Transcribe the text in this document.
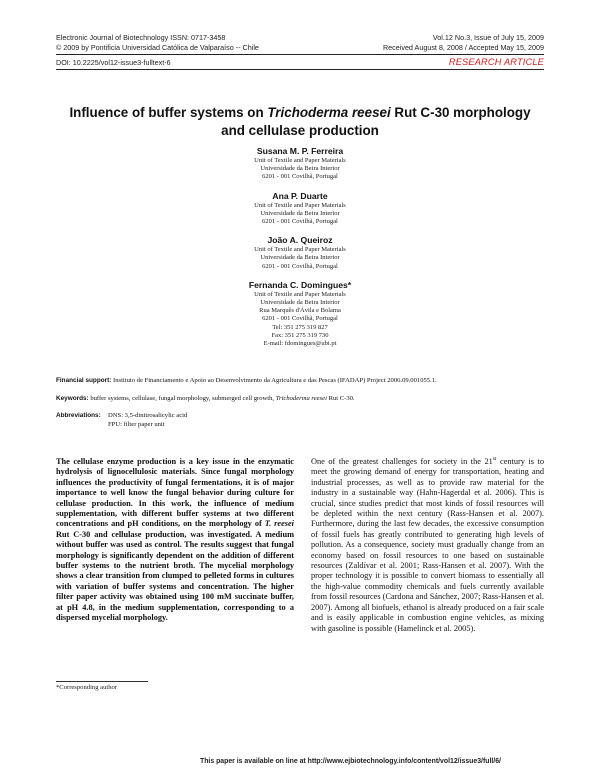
Electronic Journal of Biotechnology ISSN: 0717-3458
© 2009 by Pontificia Universidad Católica de Valparaíso -- Chile
Vol.12 No.3, Issue of July 15, 2009
Received August 8, 2008 / Accepted May 15, 2009
DOI: 10.2225/vol12-issue3-fulltext-6	RESEARCH ARTICLE
Influence of buffer systems on Trichoderma reesei Rut C-30 morphology and cellulase production
Susana M. P. Ferreira
Unit of Textile and Paper Materials
Universidade da Beira Interior
6201 - 001 Covilhã, Portugal
Ana P. Duarte
Unit of Textile and Paper Materials
Universidade da Beira Interior
6201 - 001 Covilhã, Portugal
João A. Queiroz
Unit of Textile and Paper Materials
Universidade da Beira Interior
6201 - 001 Covilhã, Portugal
Fernanda C. Domingues*
Unit of Textile and Paper Materials
Universidade da Beira Interior
Rua Marquês d'Ávila e Bolama
6201 - 001 Covilhã, Portugal
Tel: 351 275 319 827
Fax: 351 275 319 730
E-mail: fdomingues@ubi.pt
Financial support: Instituto de Financiamento e Apoio ao Desenvolvimento da Agricultura e das Pescas (IFADAP) Project 2006.09.001055.1.
Keywords: buffer systems, cellulase, fungal morphology, submerged cell growth, Trichoderma reesei Rut C-30.
Abbreviations: DNS: 3,5-dinitrosalicylic acid
FPU: filter paper unit
The cellulase enzyme production is a key issue in the enzymatic hydrolysis of lignocellulosic materials. Since fungal morphology influences the productivity of fungal fermentations, it is of major importance to well know the fungal behavior during culture for cellulase production. In this work, the influence of medium supplementation, with different buffer systems at two different concentrations and pH conditions, on the morphology of T. reesei Rut C-30 and cellulase production, was investigated. A medium without buffer was used as control. The results suggest that fungal morphology is significantly dependent on the addition of different buffer systems to the nutrient broth. The mycelial morphology shows a clear transition from clumped to pelleted forms in cultures with variation of buffer systems and concentration. The higher filter paper activity was obtained using 100 mM succinate buffer, at pH 4.8, in the medium supplementation, corresponding to a dispersed mycelial morphology.
One of the greatest challenges for society in the 21st century is to meet the growing demand of energy for transportation, heating and industrial processes, as well as to provide raw material for the industry in a sustainable way (Hahn-Hagerdal et al. 2006). This is crucial, since studies predict that most kinds of fossil resources will be depleted within the next century (Rass-Hansen et al. 2007). Furthermore, during the last few decades, the excessive consumption of fossil fuels has greatly contributed to generating high levels of pollution. As a consequence, society must gradually change from an economy based on fossil resources to one based on sustainable resources (Zaldívar et al. 2001; Rass-Hansen et al. 2007). With the proper technology it is possible to convert biomass to essentially all the high-value commodity chemicals and fuels currently available from fossil resources (Cardona and Sánchez, 2007; Rass-Hansen et al. 2007). Among all biofuels, ethanol is already produced on a fair scale and is easily applicable in combustion engine vehicles, as mixing with gasoline is possible (Hamelinck et al. 2005).
*Corresponding author
This paper is available on line at http://www.ejbiotechnology.info/content/vol12/issue3/full/6/
